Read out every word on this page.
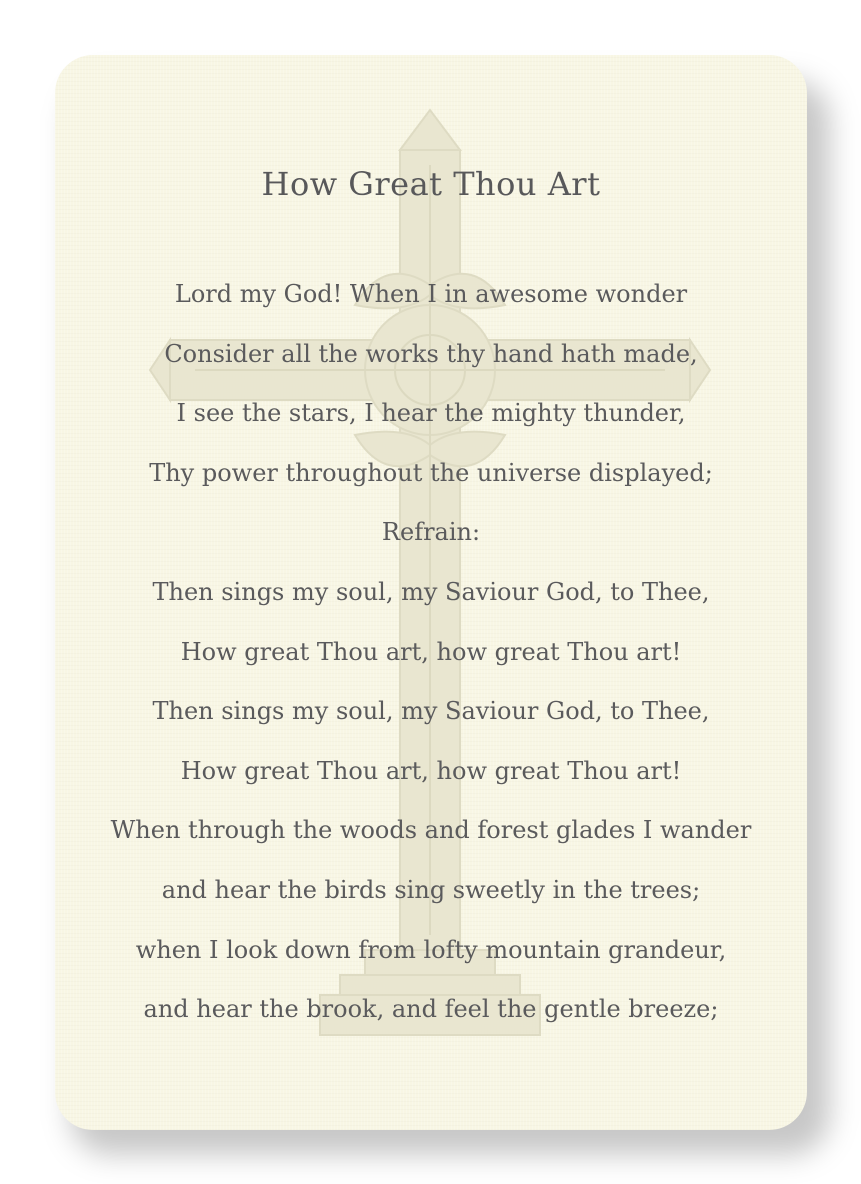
How Great Thou Art
Lord my God! When I in awesome wonder
Consider all the works thy hand hath made,
I see the stars, I hear the mighty thunder,
Thy power throughout the universe displayed;
Refrain:
Then sings my soul, my Saviour God, to Thee,
How great Thou art, how great Thou art!
Then sings my soul, my Saviour God, to Thee,
How great Thou art, how great Thou art!
When through the woods and forest glades I wander
and hear the birds sing sweetly in the trees;
when I look down from lofty mountain grandeur,
and hear the brook, and feel the gentle breeze;
